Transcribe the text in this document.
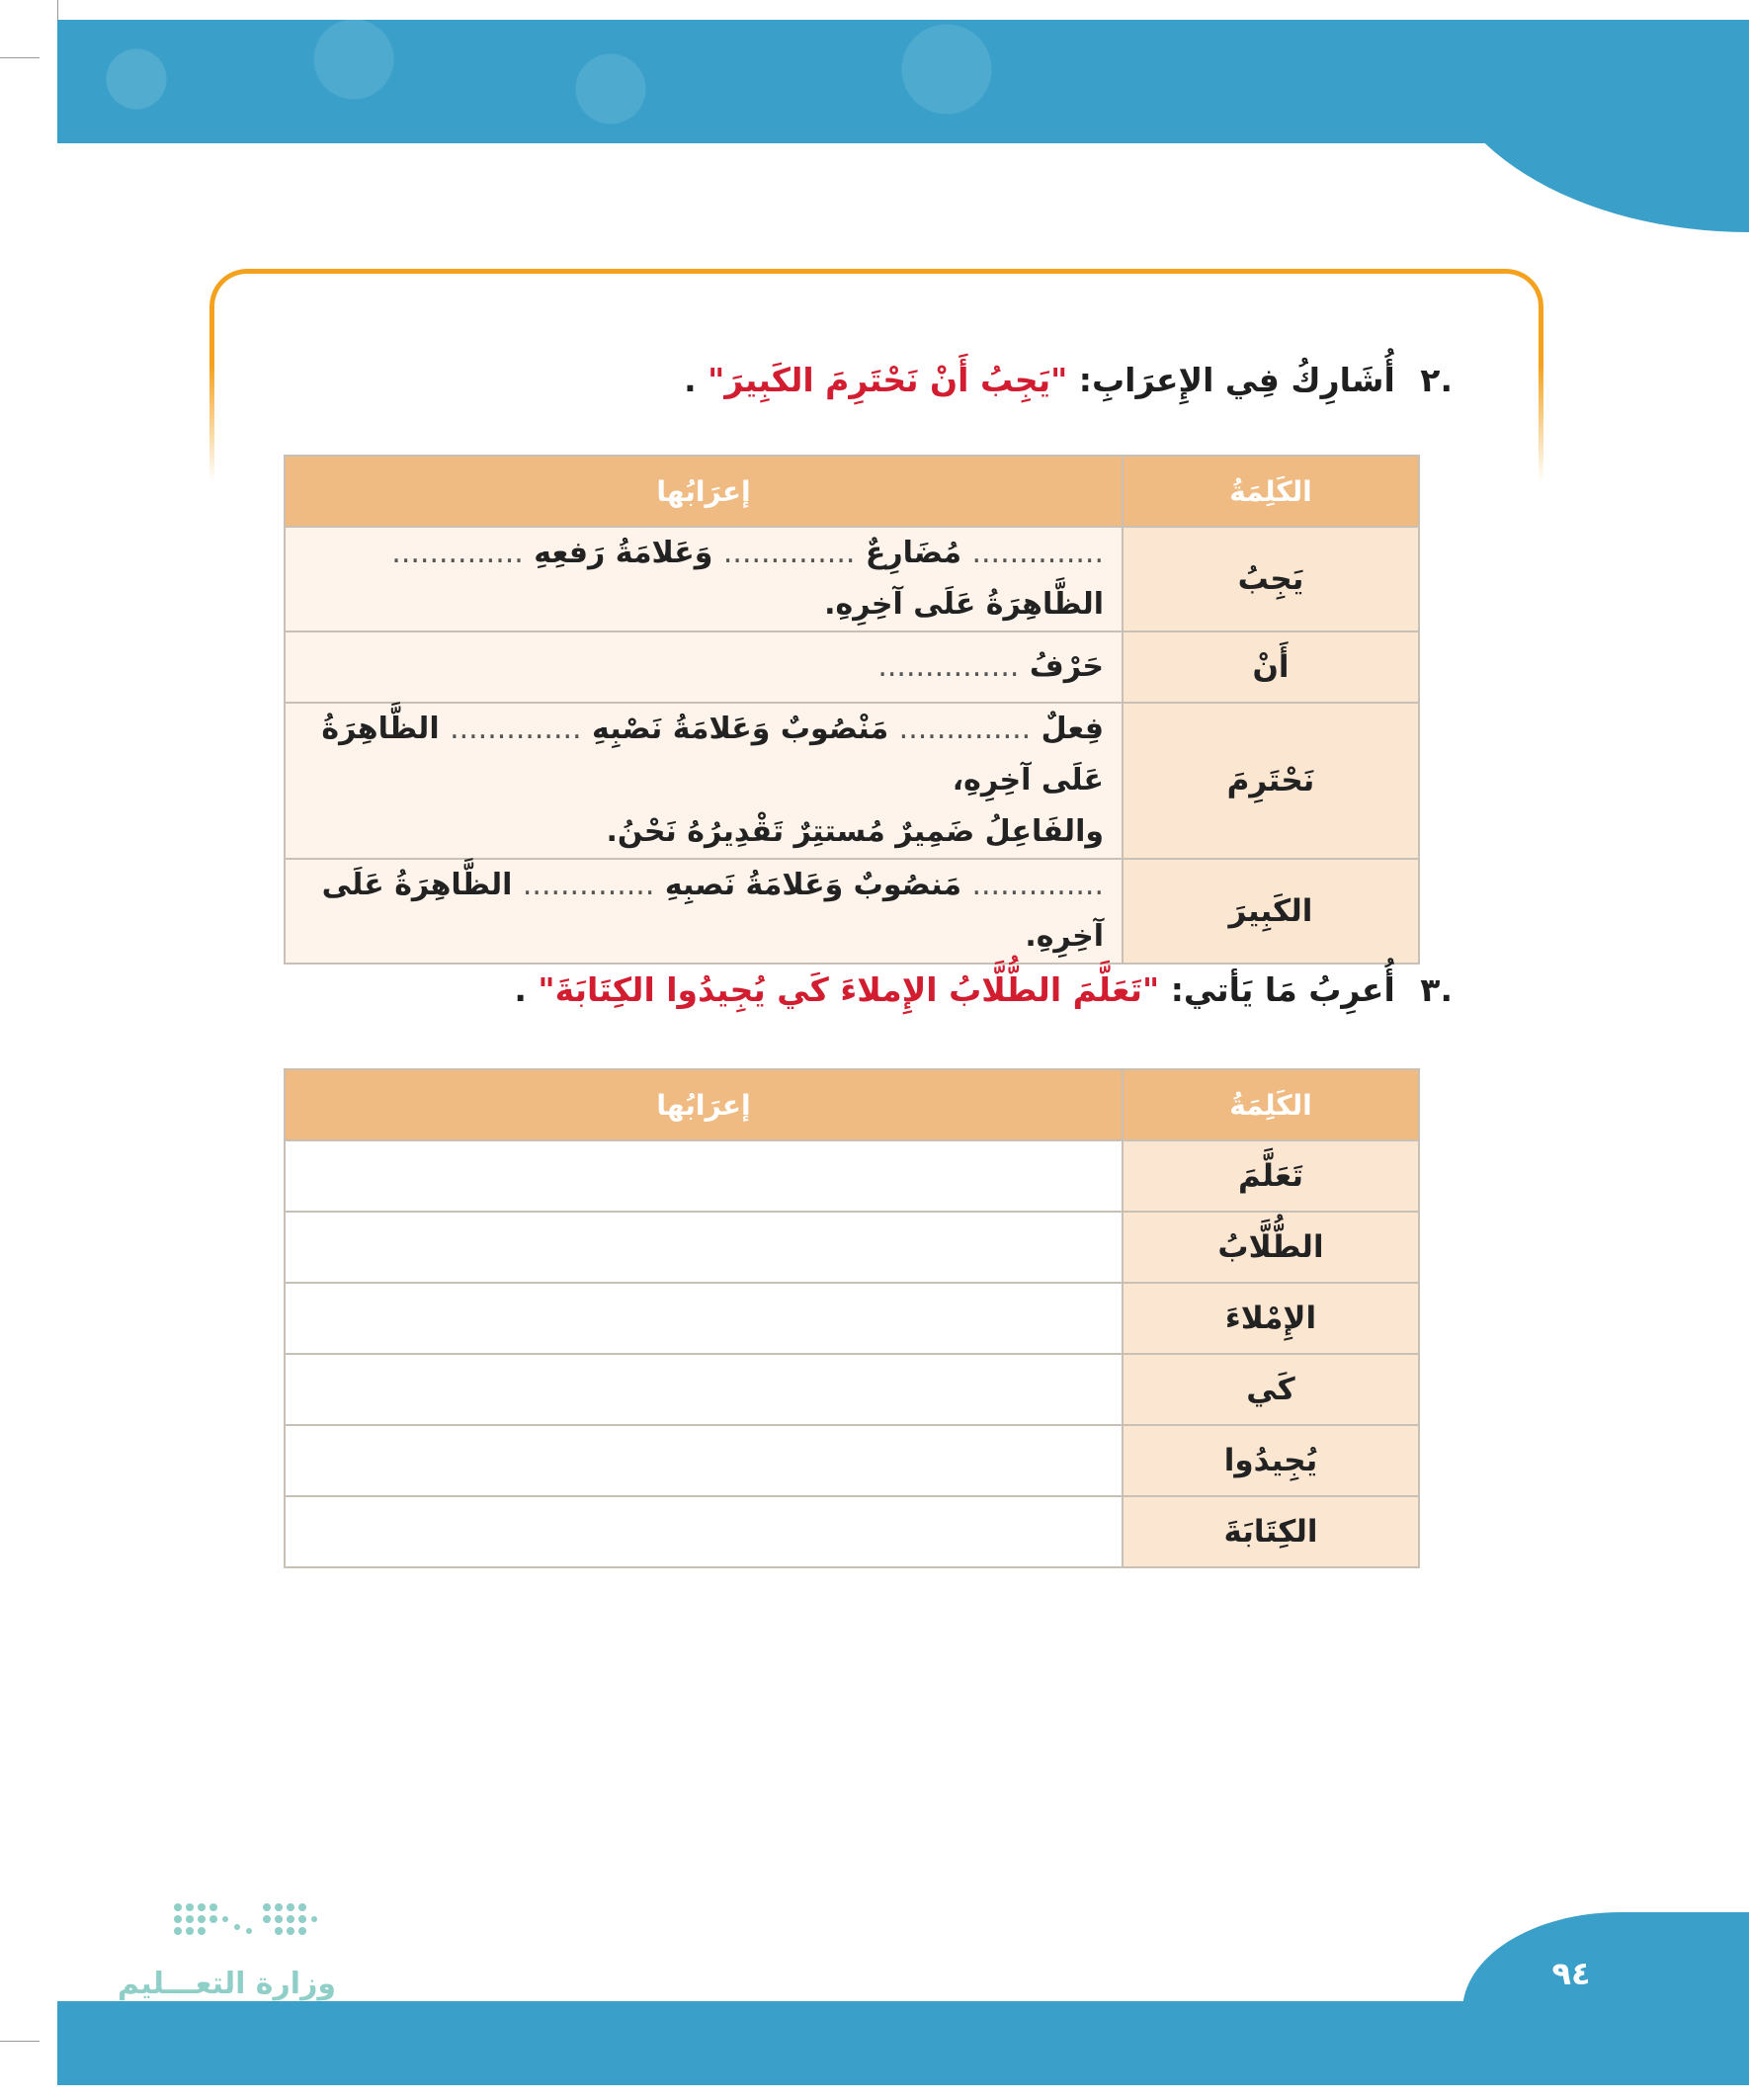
.٢ أُشَارِكُ فِي الإِعرَابِ: "يَجِبُ أَنْ نَحْتَرِمَ الكَبِيرَ" .
الكَلِمَةُ	إعرَابُها
يَجِبُ	.............. مُضَارِعٌ .............. وَعَلامَةُ رَفعِهِ .............. الظَّاهِرَةُ عَلَى آخِرِهِ.
أَنْ	حَرْفُ ...............
نَحْتَرِمَ	فِعلٌ .............. مَنْصُوبٌ وَعَلامَةُ نَصْبِهِ .............. الظَّاهِرَةُ عَلَى آخِرِهِ،
والفَاعِلُ ضَمِيرٌ مُستتِرٌ تَقْدِيرُهُ نَحْنُ.

الكَبِيرَ	.............. مَنصُوبٌ وَعَلامَةُ نَصبِهِ .............. الظَّاهِرَةُ عَلَى آخِرِهِ.
.٣ أُعرِبُ مَا يَأتي: "تَعَلَّمَ الطُّلَّابُ الإِملاءَ كَي يُجِيدُوا الكِتَابَةَ" .
الكَلِمَةُ	إعرَابُها
تَعَلَّمَ	
الطُّلَّابُ	
الإِمْلاءَ	
كَي	
يُجِيدُوا	
الكِتَابَةَ	
٩٤
وزارة التعـــليم
